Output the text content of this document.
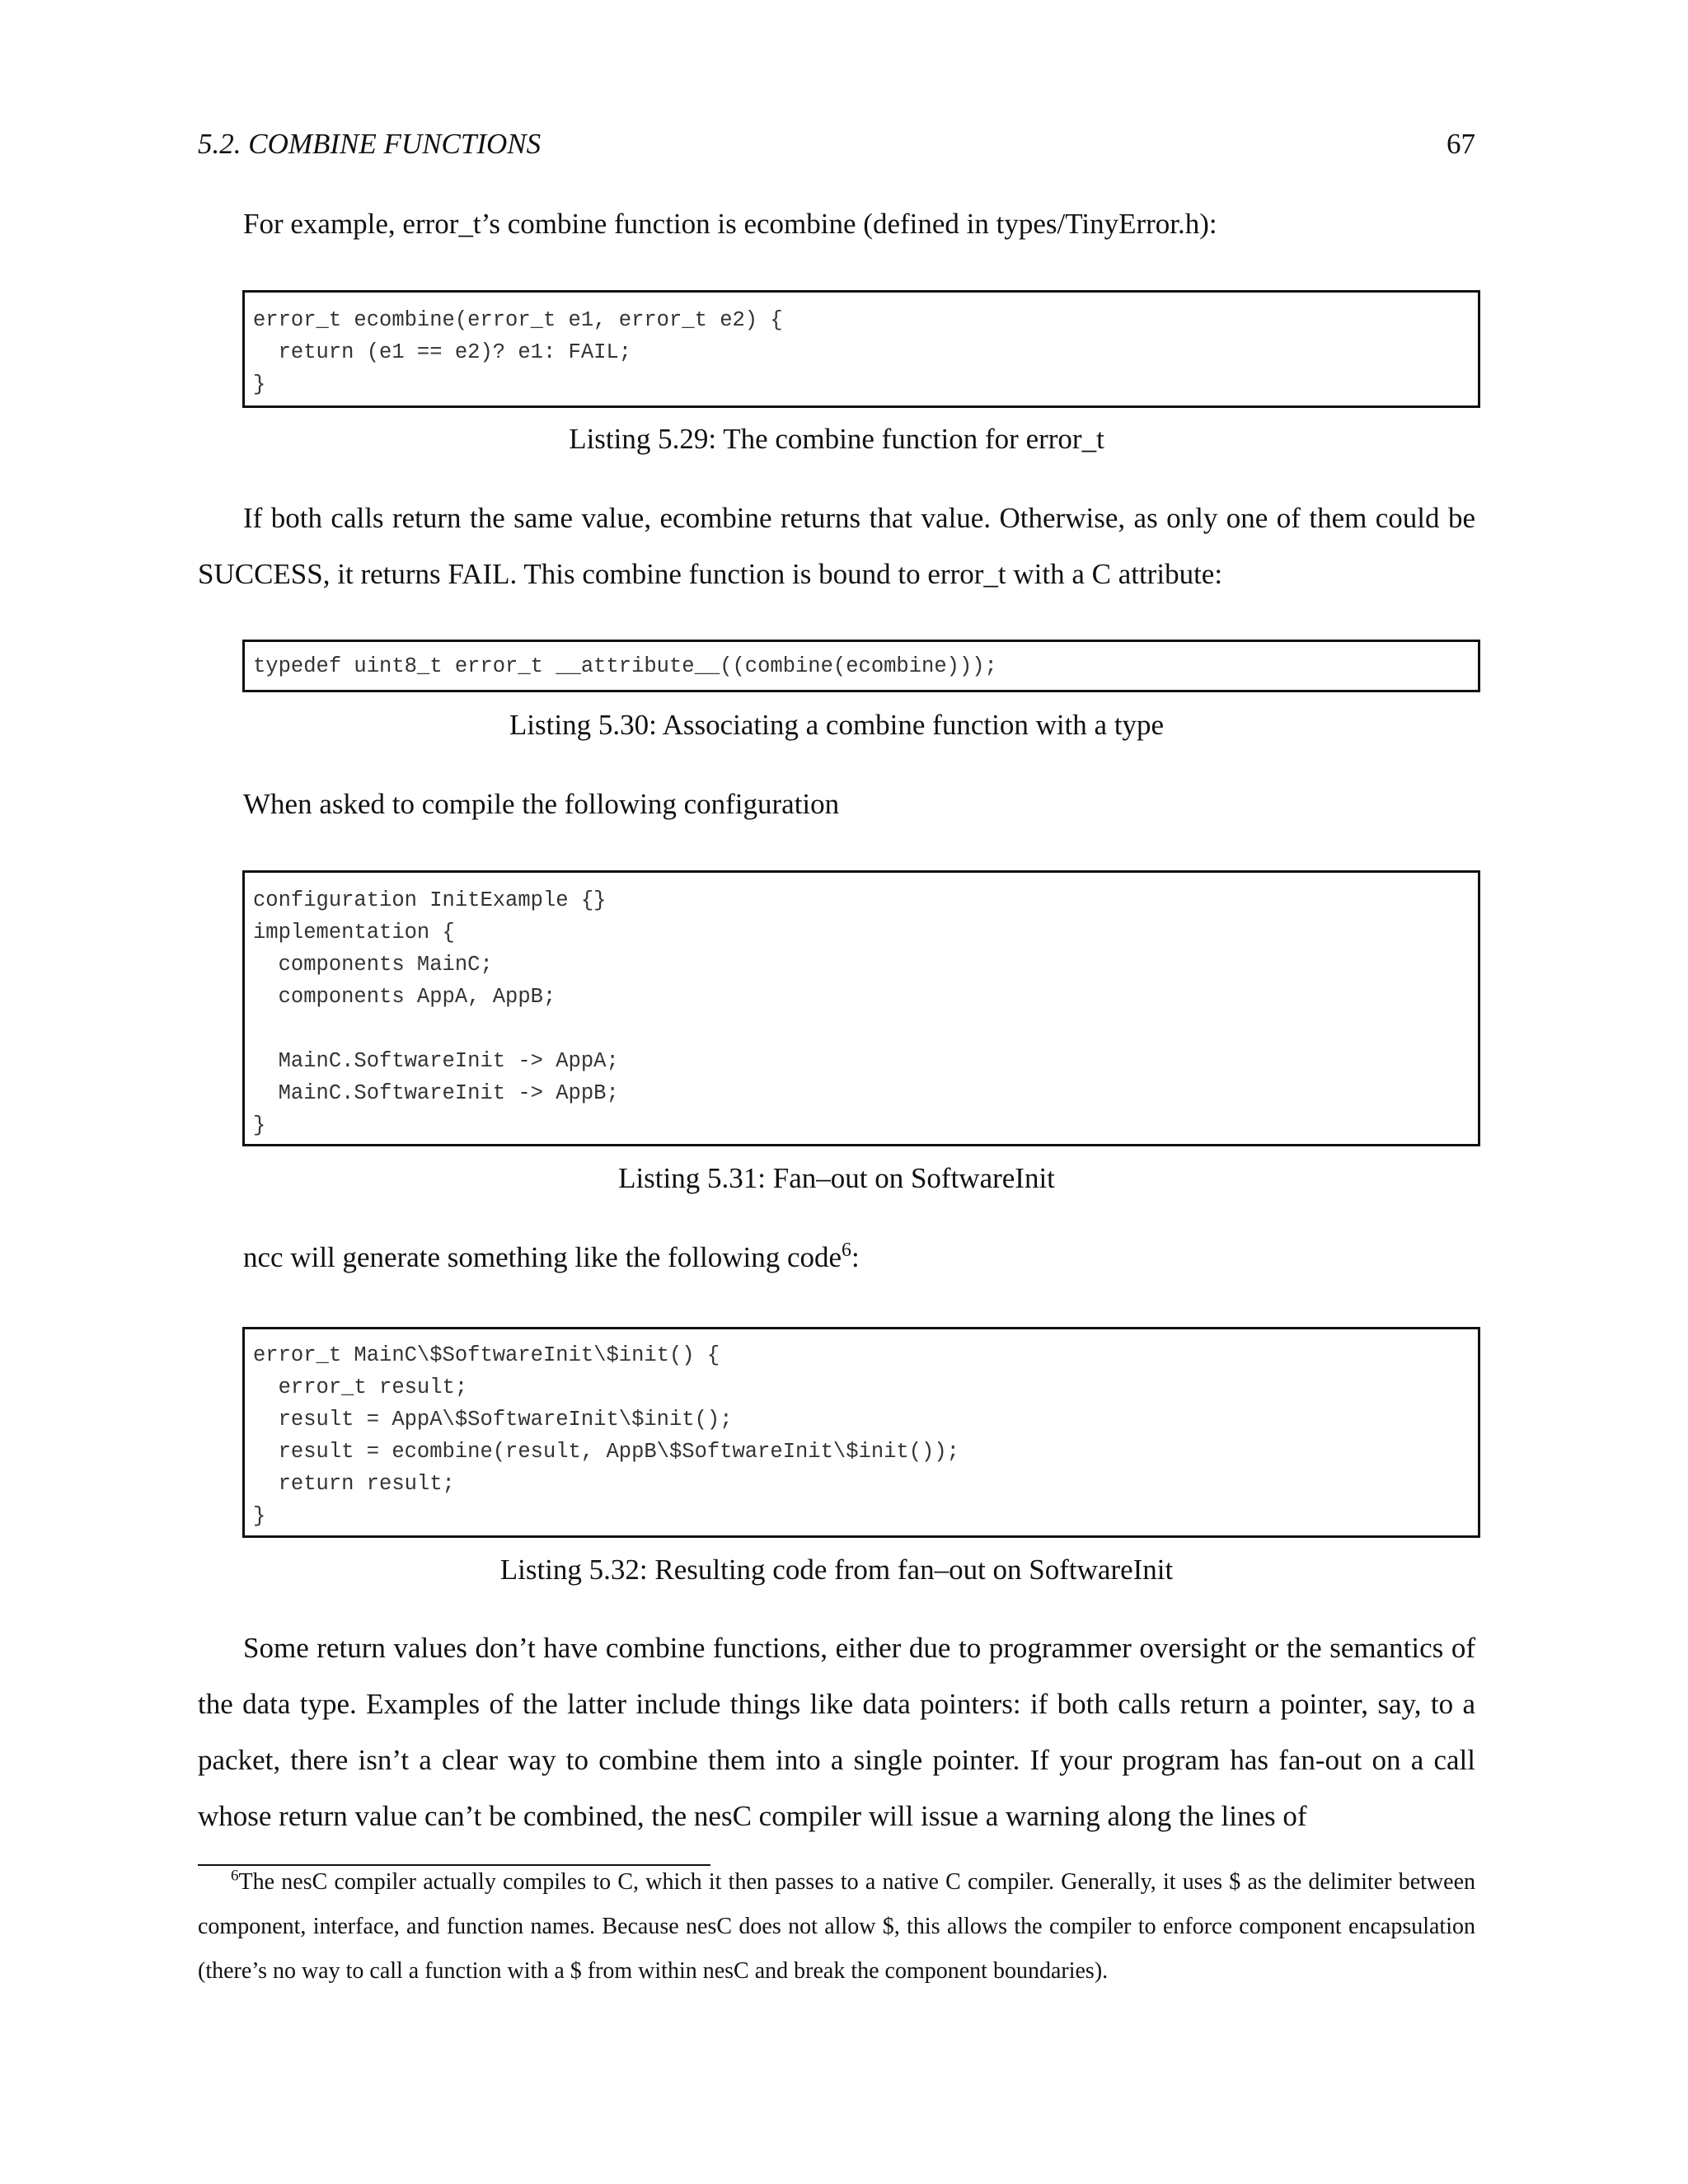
5.2. COMBINE FUNCTIONS	67

For example, error_t’s combine function is ecombine (defined in types/TinyError.h):

error_t ecombine(error_t e1, error_t e2) {
return (e1 == e2)? e1: FAIL;
}
Listing 5.29: The combine function for error_t

If both calls return the same value, ecombine returns that value. Otherwise, as only one of them could be SUCCESS, it returns FAIL. This combine function is bound to error_t with a C attribute:

typedef uint8_t error_t __attribute__((combine(ecombine)));
Listing 5.30: Associating a combine function with a type

When asked to compile the following configuration

configuration InitExample {}
implementation {
components MainC;
components AppA, AppB;
MainC.SoftwareInit -> AppA;
MainC.SoftwareInit -> AppB;
}
Listing 5.31: Fan–out on SoftwareInit

ncc will generate something like the following code$^6$:

error_t MainC\$SoftwareInit\$init() {
error_t result;
result = AppA\$SoftwareInit\$init();
result = ecombine(result, AppB\$SoftwareInit\$init());
return result;
}
Listing 5.32: Resulting code from fan–out on SoftwareInit

Some return values don’t have combine functions, either due to programmer oversight or the semantics of the data type. Examples of the latter include things like data pointers: if both calls return a pointer, say, to a packet, there isn’t a clear way to combine them into a single pointer. If your program has fan-out on a call whose return value can’t be combined, the nesC compiler will issue a warning along the lines of

$^6$The nesC compiler actually compiles to C, which it then passes to a native C compiler. Generally, it uses $ as the delimiter between component, interface, and function names. Because nesC does not allow $, this allows the compiler to enforce component encapsulation (there’s no way to call a function with a $ from within nesC and break the component boundaries).
